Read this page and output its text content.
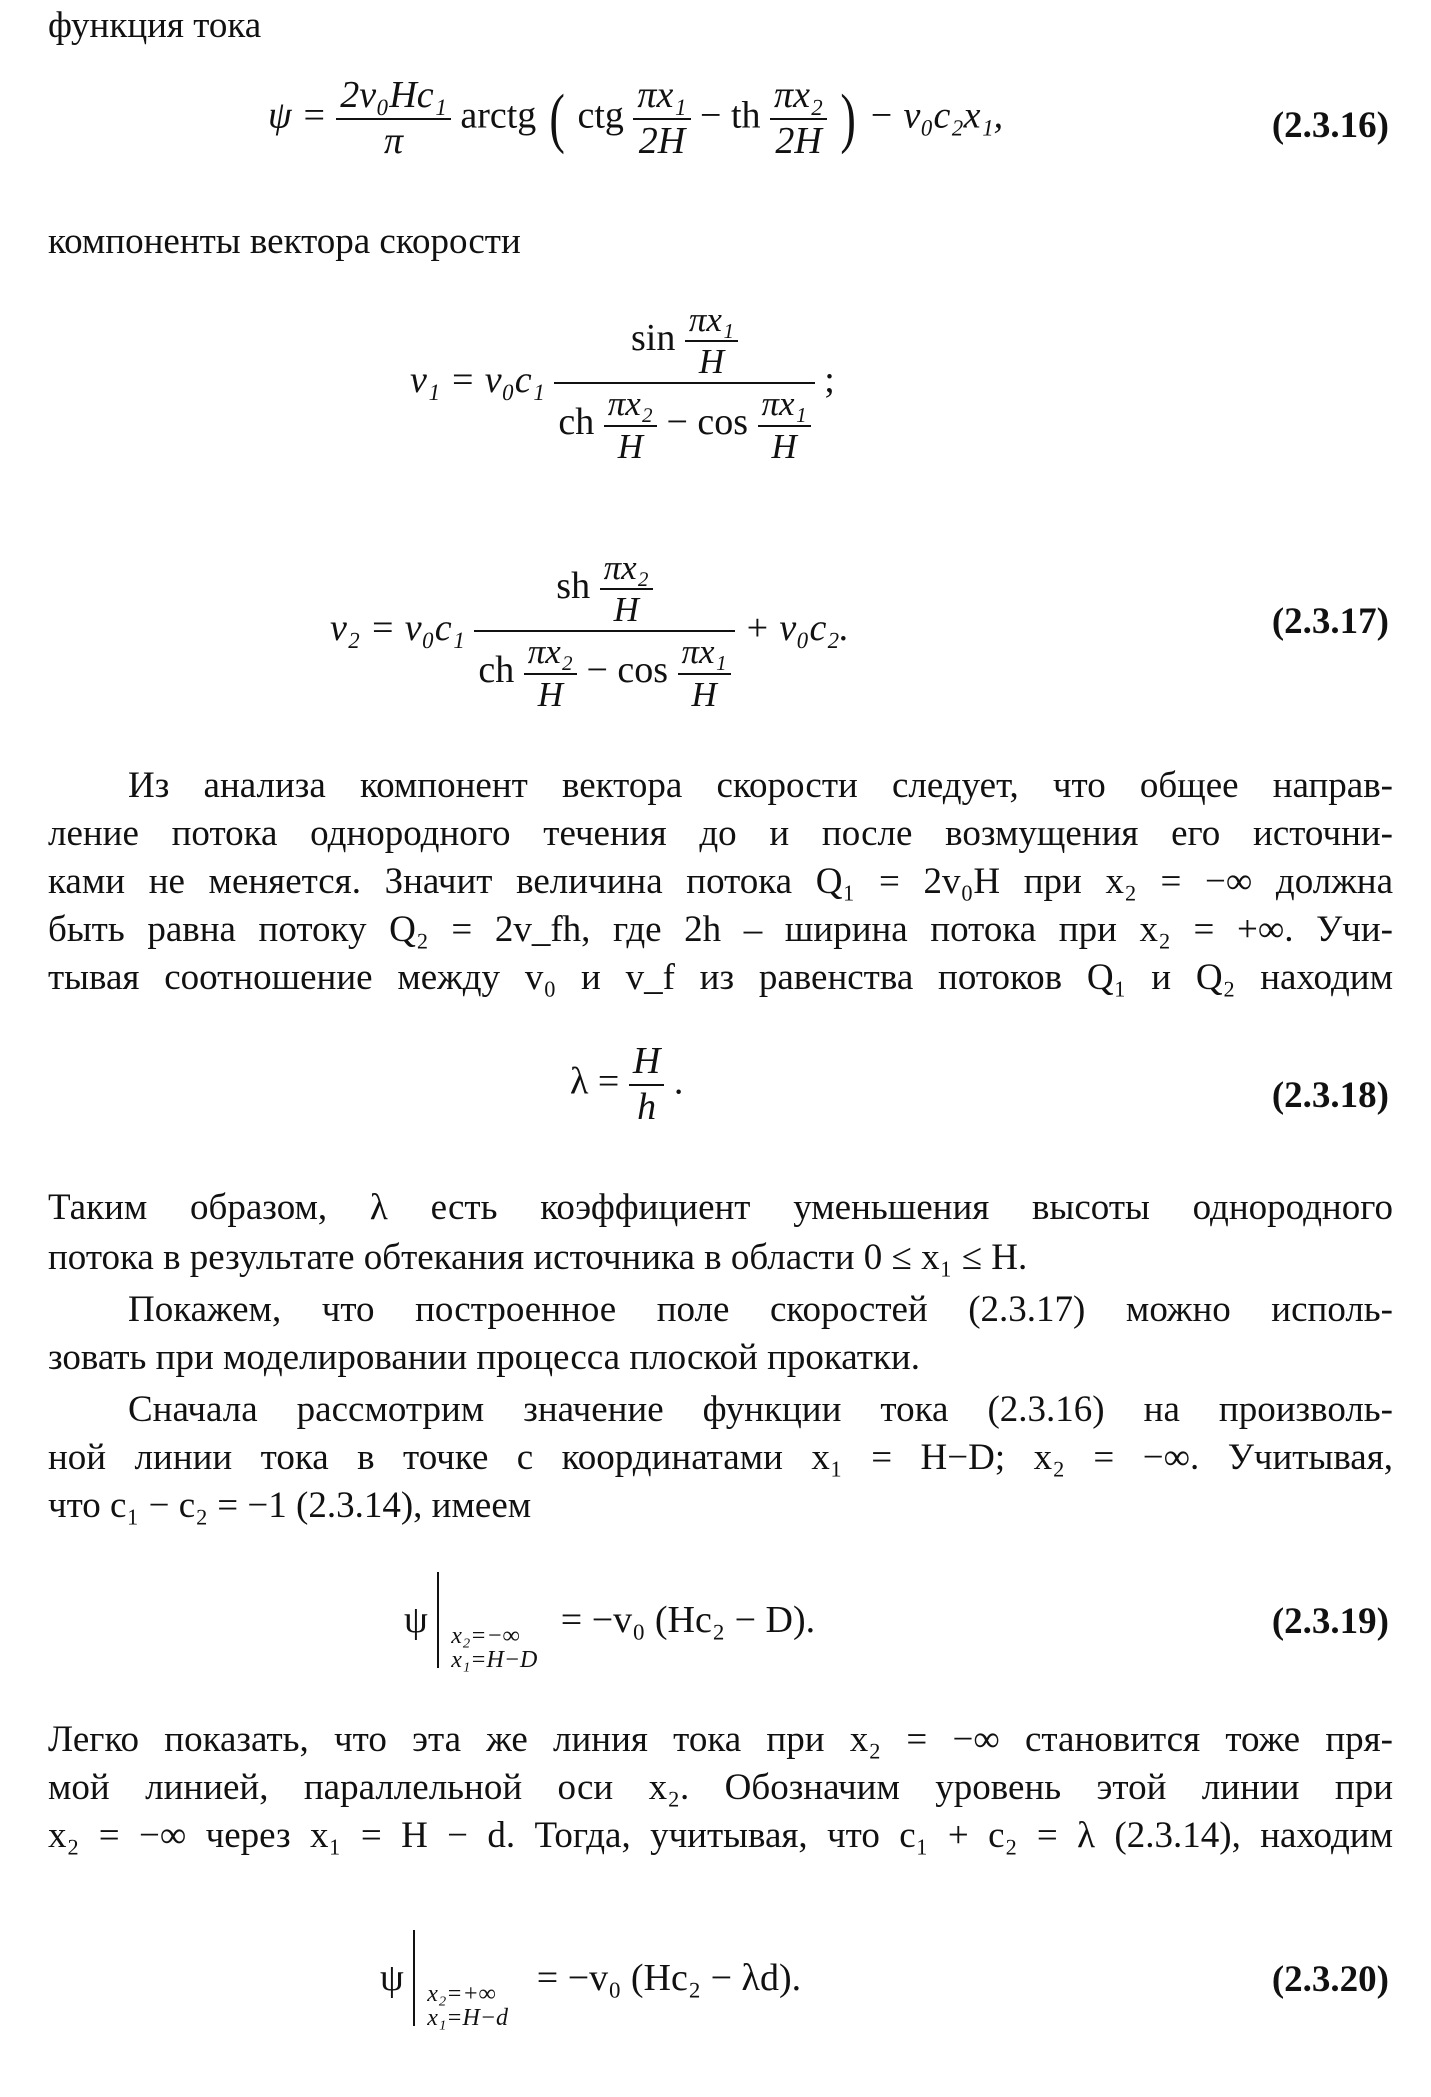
функция тока
$\psi = \frac{\text{2v₀Hc₁}}{\pi}$ arctg ( ctg $\frac{\text{πx₁}}{2H}$ − th $\frac{\text{πx₂}}{2H}$ ) − v₀c₂x₁,	(2.3.16)
компоненты вектора скорости
v₁ = v₀c₁
$\sin \frac{\text{πx₁}}{H}$
ch $\frac{\text{πx₂}}{H} - \cos \frac{\text{πx₁}}{H}$
;
v₂ = v₀c₁
sh $\frac{\text{πx₂}}{H}$
ch $\frac{\text{πx₂}}{H} - \cos \frac{\text{πx₁}}{H}$
+ v₀c₂.	(2.3.17)
Из анализа компонент вектора скорости следует, что общее направ-
ление потока однородного течения до и после возмущения его источни-
ками не меняется. Значит величина потока Q₁ = 2v₀H при x₂ = −∞ должна
быть равна потоку Q₂ = 2v_fh, где 2h – ширина потока при x₂ = +∞. Учи-
тывая соотношение между v₀ и v_f из равенства потоков Q₁ и Q₂ находим
$\lambda = \frac{H}{h}$ .	(2.3.18)
Таким образом, λ есть коэффициент уменьшения высоты однородного
потока в результате обтекания источника в области 0 ≤ x₁ ≤ H.
Покажем, что построенное поле скоростей (2.3.17) можно исполь-
зовать при моделировании процесса плоской прокатки.
Сначала рассмотрим значение функции тока (2.3.16) на произволь-
ной линии тока в точке с координатами x₁ = H−D; x₂ = −∞. Учитывая,
что c₁ − c₂ = −1 (2.3.14), имеем
ψ x₂=−∞
x₁=H−D
= −v₀ (Hc₂ − D).	(2.3.19)
Легко показать, что эта же линия тока при x₂ = −∞ становится тоже пря-
мой линией, параллельной оси x₂. Обозначим уровень этой линии при
x₂ = −∞ через x₁ = H − d. Тогда, учитывая, что c₁ + c₂ = λ (2.3.14), находим
ψ x₂=+∞
x₁=H−d
= −v₀ (Hc₂ − λd).	(2.3.20)
